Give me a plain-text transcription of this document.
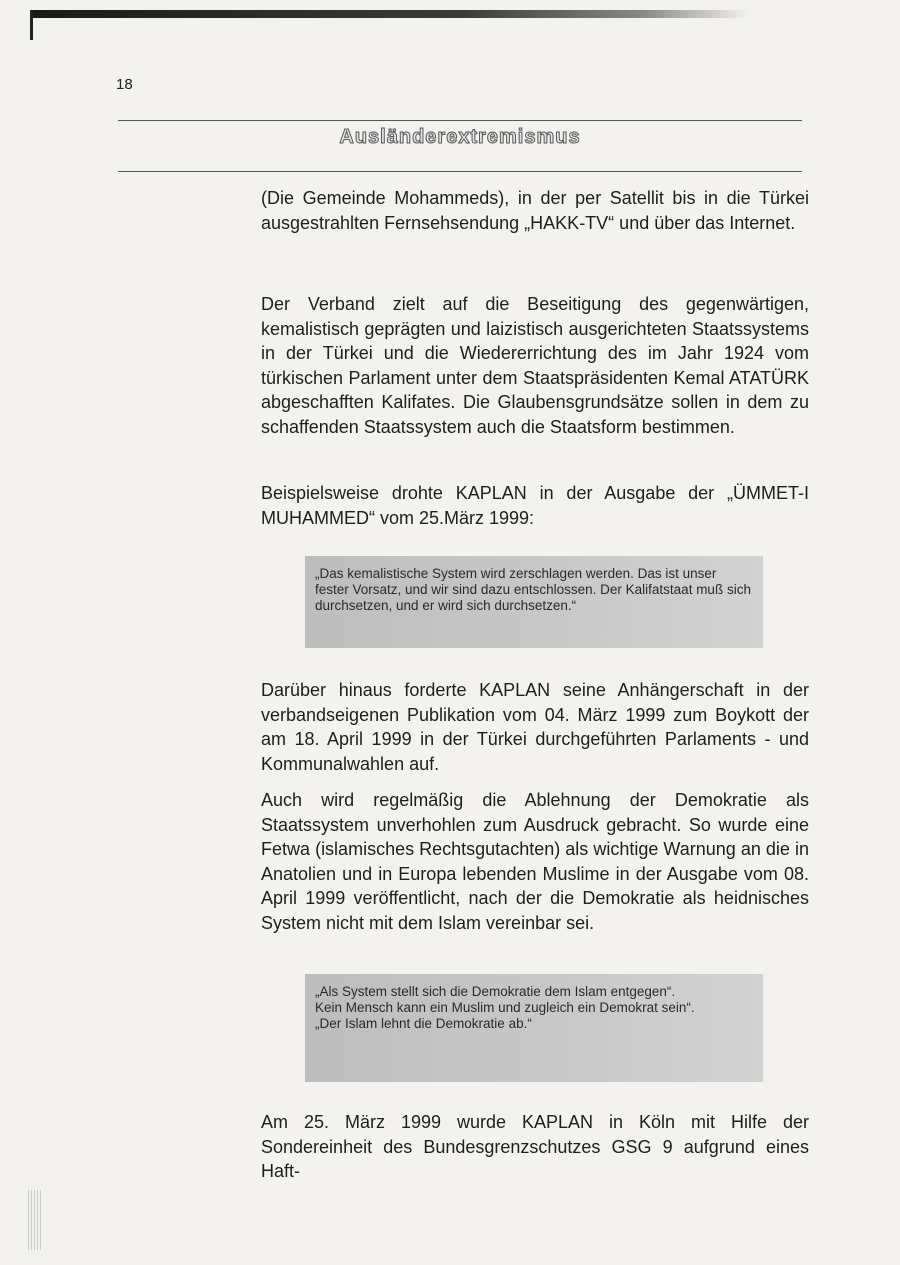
18
Ausländerextremismus
(Die Gemeinde Mohammeds), in der per Satellit bis in die Türkei ausgestrahlten Fernsehsendung „HAKK-TV“ und über das Internet.
Der Verband zielt auf die Beseitigung des gegenwärtigen, kemalistisch geprägten und laizistisch ausgerichteten Staatssystems in der Türkei und die Wiedererrichtung des im Jahr 1924 vom türkischen Parlament unter dem Staatspräsidenten Kemal ATATÜRK abgeschafften Kalifates. Die Glaubensgrundsätze sollen in dem zu schaffenden Staatssystem auch die Staatsform bestimmen.
Beispielsweise drohte KAPLAN in der Ausgabe der „ÜMMET-I MUHAMMED“ vom 25.März 1999:

„Das kemalistische System wird zerschlagen werden. Das ist unser fester Vorsatz, und wir sind dazu entschlossen. Der Kalifatstaat muß sich durchsetzen, und er wird sich durchsetzen.“

Darüber hinaus forderte KAPLAN seine Anhängerschaft in der verbandseigenen Publikation vom 04. März 1999 zum Boykott der am 18. April 1999 in der Türkei durchgeführten Parlaments - und Kommunalwahlen auf.
Auch wird regelmäßig die Ablehnung der Demokratie als Staatssystem unverhohlen zum Ausdruck gebracht. So wurde eine Fetwa (islamisches Rechtsgutachten) als wichtige Warnung an die in Anatolien und in Europa lebenden Muslime in der Ausgabe vom 08. April 1999 veröffentlicht, nach der die Demokratie als heidnisches System nicht mit dem Islam vereinbar sei.

„Als System stellt sich die Demokratie dem Islam entgegen“.

Kein Mensch kann ein Muslim und zugleich ein Demokrat sein“.

„Der Islam lehnt die Demokratie ab.“

Am 25. März 1999 wurde KAPLAN in Köln mit Hilfe der Sondereinheit des Bundesgrenzschutzes GSG 9 aufgrund eines Haft-
